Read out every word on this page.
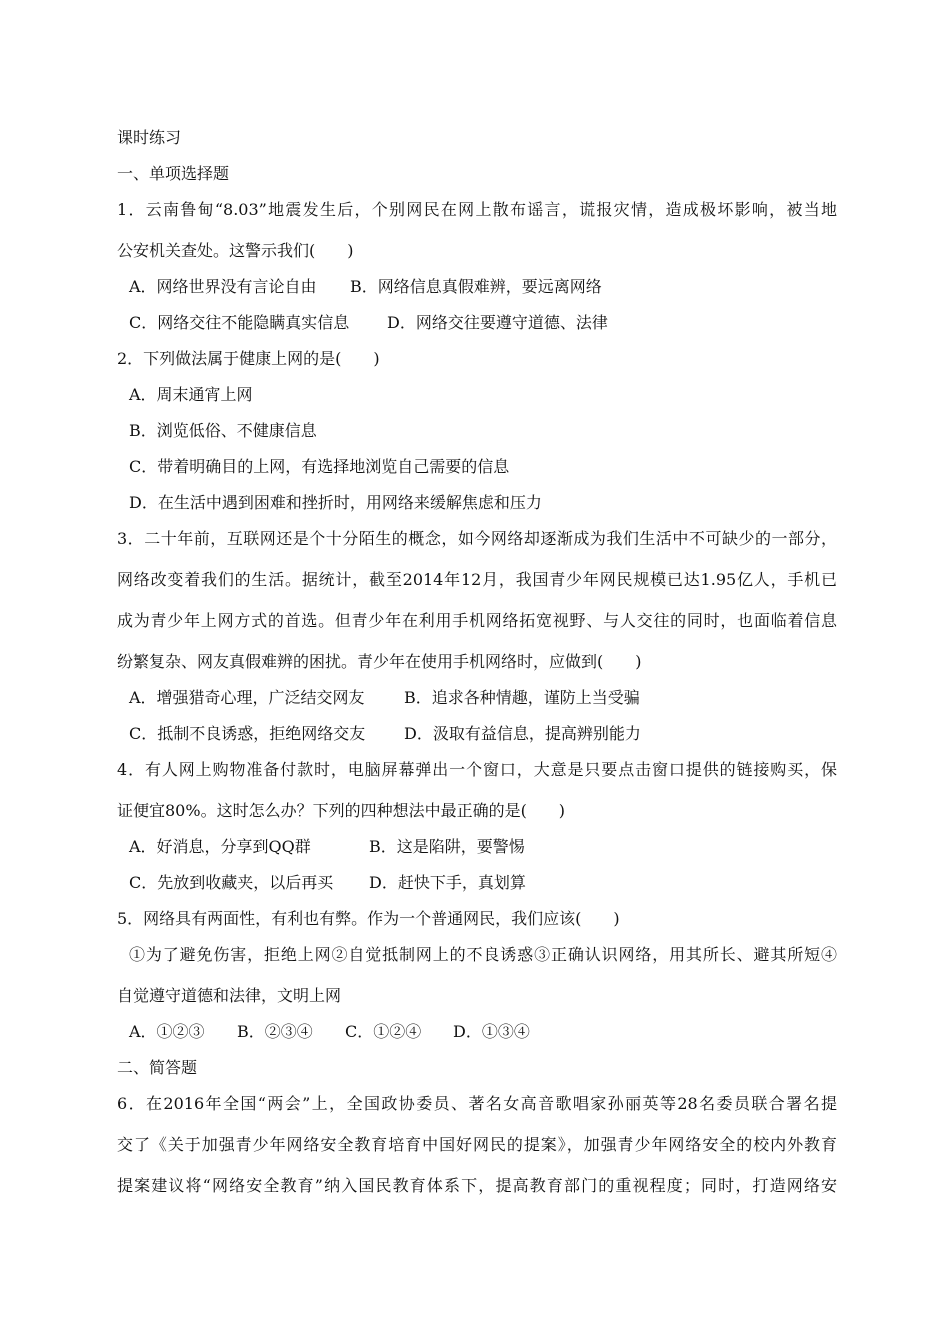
课时练习
一、单项选择题
1．云南鲁甸“8.03”地震发生后，个别网民在网上散布谣言，谎报灾情，造成极坏影响，被当地
公安机关查处。这警示我们(　　)
A．网络世界没有言论自由 B．网络信息真假难辨，要远离网络
C．网络交往不能隐瞒真实信息 D．网络交往要遵守道德、法律
2．下列做法属于健康上网的是(　　)
A．周末通宵上网
B．浏览低俗、不健康信息
C．带着明确目的上网，有选择地浏览自己需要的信息
D．在生活中遇到困难和挫折时，用网络来缓解焦虑和压力
3．二十年前，互联网还是个十分陌生的概念，如今网络却逐渐成为我们生活中不可缺少的一部分，
网络改变着我们的生活。据统计，截至2014年12月，我国青少年网民规模已达1.95亿人，手机已
成为青少年上网方式的首选。但青少年在利用手机网络拓宽视野、与人交往的同时，也面临着信息
纷繁复杂、网友真假难辨的困扰。青少年在使用手机网络时，应做到(　　)
A．增强猎奇心理，广泛结交网友 B．追求各种情趣，谨防上当受骗
C．抵制不良诱惑，拒绝网络交友 D．汲取有益信息，提高辨别能力
4．有人网上购物准备付款时，电脑屏幕弹出一个窗口，大意是只要点击窗口提供的链接购买，保
证便宜80%。这时怎么办？下列的四种想法中最正确的是(　　)
A．好消息，分享到QQ群	B．这是陷阱，要警惕
C．先放到收藏夹，以后再买 D．赶快下手，真划算
5．网络具有两面性，有利也有弊。作为一个普通网民，我们应该(　　)
①为了避免伤害，拒绝上网②自觉抵制网上的不良诱惑③正确认识网络，用其所长、避其所短④
自觉遵守道德和法律，文明上网
A．①②③ B．②③④ C．①②④ D．①③④
二、简答题
6．在2016年全国“两会”上，全国政协委员、著名女高音歌唱家孙丽英等28名委员联合署名提
交了《关于加强青少年网络安全教育培育中国好网民的提案》，加强青少年网络安全的校内外教育
提案建议将“网络安全教育”纳入国民教育体系下，提高教育部门的重视程度；同时，打造网络安
